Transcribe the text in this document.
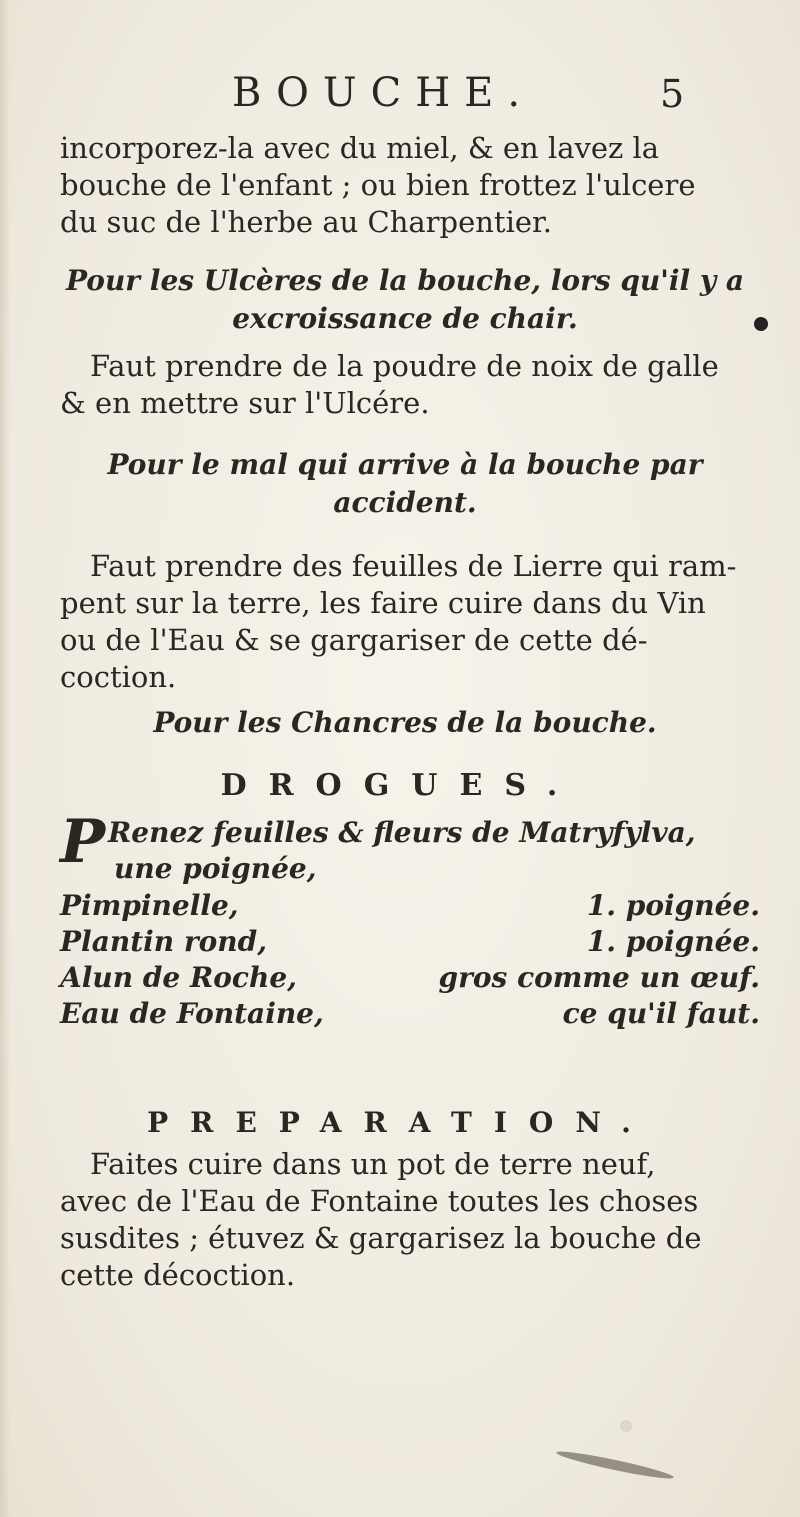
BOUCHE.	5
incorporez-la avec du miel, & en lavez la
bouche de l'enfant ; ou bien frottez l'ulcere
du suc de l'herbe au Charpentier.
Pour les Ulcères de la bouche, lors qu'il y a
excroissance de chair.
Faut prendre de la poudre de noix de galle
& en mettre sur l'Ulcére.
Pour le mal qui arrive à la bouche par
accident.
Faut prendre des feuilles de Lierre qui ram-
pent sur la terre, les faire cuire dans du Vin
ou de l'Eau & se gargariser de cette dé-
coction.
Pour les Chancres de la bouche.
DROGUES.
P Renez feuilles & fleurs de Matryfylva,
une poignée,
Pimpinelle,	1. poignée.
Plantin rond,	1. poignée.
Alun de Roche,	gros comme un œuf.
Eau de Fontaine,	ce qu'il faut.
PREPARATION.
Faites cuire dans un pot de terre neuf,
avec de l'Eau de Fontaine toutes les choses
susdites ; étuvez & gargarisez la bouche de
cette décoction.
